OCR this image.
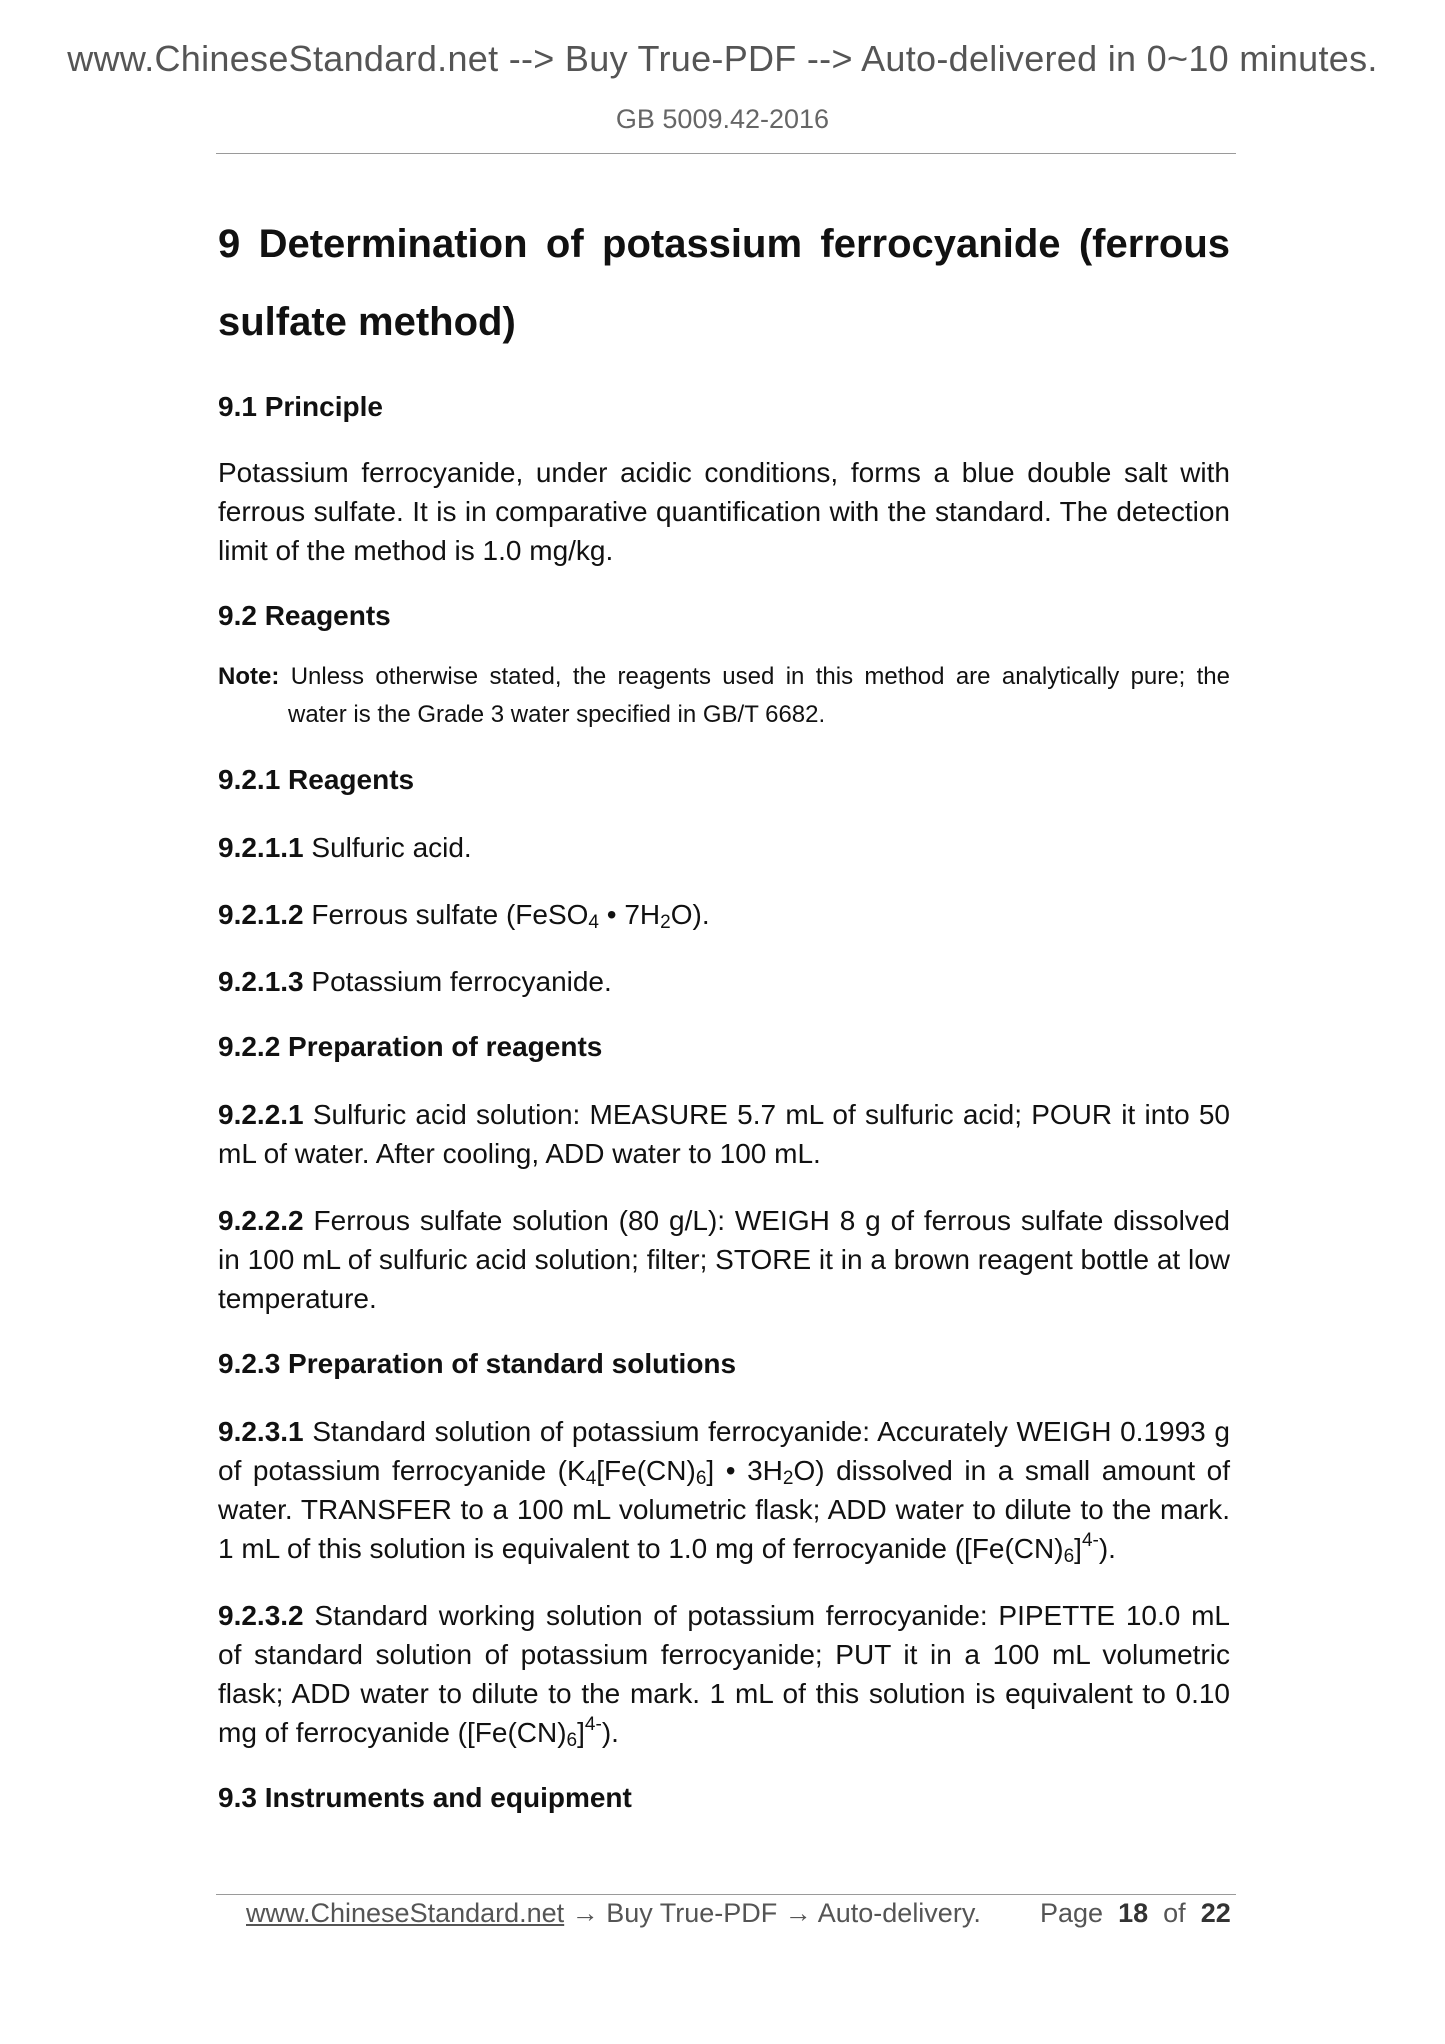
www.ChineseStandard.net --> Buy True-PDF --> Auto-delivered in 0~10 minutes.
GB 5009.42-2016

9 Determination of potassium ferrocyanide (ferrous sulfate method)

9.1 Principle

Potassium ferrocyanide, under acidic conditions, forms a blue double salt with ferrous sulfate. It is in comparative quantification with the standard. The detection limit of the method is 1.0 mg/kg.

9.2 Reagents

Note: Unless otherwise stated, the reagents used in this method are analytically pure; the water is the Grade 3 water specified in GB/T 6682.

9.2.1 Reagents

9.2.1.1 Sulfuric acid.

9.2.1.2 Ferrous sulfate (FeSO$_4$ • $7H_2O$).

9.2.1.3 Potassium ferrocyanide.

9.2.2 Preparation of reagents

9.2.2.1 Sulfuric acid solution: MEASURE 5.7 mL of sulfuric acid; POUR it into 50 mL of water. After cooling, ADD water to 100 mL.

9.2.2.2 Ferrous sulfate solution (80 g/L): WEIGH 8 g of ferrous sulfate dissolved in 100 mL of sulfuric acid solution; filter; STORE it in a brown reagent bottle at low temperature.

9.2.3 Preparation of standard solutions

9.2.3.1 Standard solution of potassium ferrocyanide: Accurately WEIGH 0.1993 g of potassium ferrocyanide ($K_4[Fe(CN)_6]$ • $3H_2O$) dissolved in a small amount of water. TRANSFER to a 100 mL volumetric flask; ADD water to dilute to the mark. 1 mL of this solution is equivalent to 1.0 mg of ferrocyanide $([Fe(CN)_6]^{4-})$.

9.2.3.2 Standard working solution of potassium ferrocyanide: PIPETTE 10.0 mL of standard solution of potassium ferrocyanide; PUT it in a 100 mL volumetric flask; ADD water to dilute to the mark. 1 mL of this solution is equivalent to 0.10 mg of ferrocyanide $([Fe(CN)_6]^{4-})$.

9.3 Instruments and equipment

www.ChineseStandard.net → Buy True-PDF → Auto-delivery. Page 18 of 22
